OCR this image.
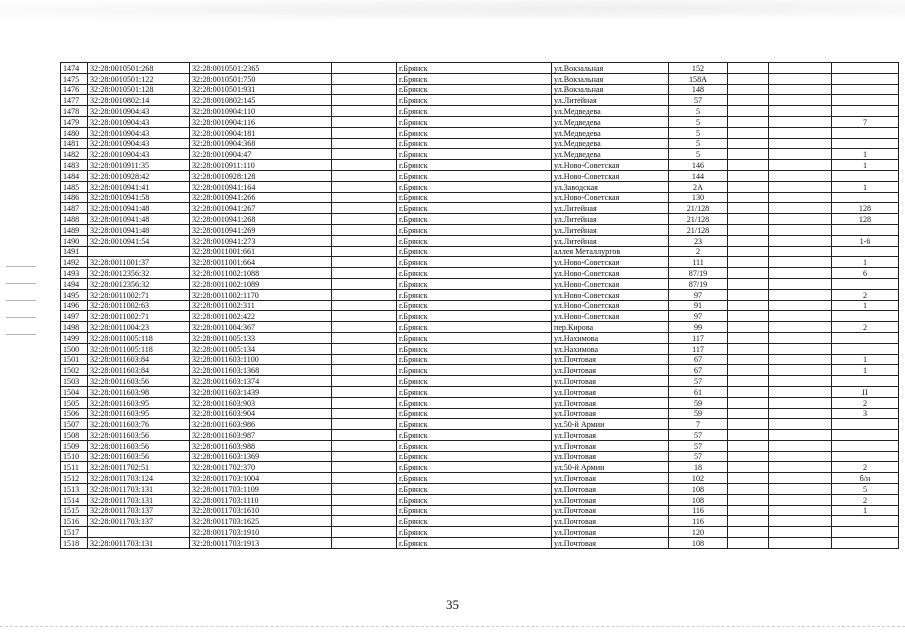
1474	32:28:0010501:268	32:28:0010501:2365		г.Брянск	ул.Вокзальная	152			
1475	32:28:0010501:122	32:28:0010501:750		г.Брянск	ул.Вокзальная	158А			
1476	32:28:0010501:128	32:28:0010501:931		г.Брянск	ул.Вокзальная	148			
1477	32:28:0010802:14	32:28:0010802:145		г.Брянск	ул.Литейная	57			
1478	32:28:0010904:43	32:28:0010904:110		г.Брянск	ул.Медведева	5			
1479	32:28:0010904:43	32:28:0010904:116		г.Брянск	ул.Медведева	5			7
1480	32:28:0010904:43	32:28:0010904:181		г.Брянск	ул.Медведева	5			
1481	32:28:0010904:43	32:28:0010904:368		г.Брянск	ул.Медведева	5			
1482	32:28:0010904:43	32:28:0010904:47		г.Брянск	ул.Медведева	5			1
1483	32:28:0010911:35	32:28:0010911:110		г.Брянск	ул.Ново-Советская	146			1
1484	32:28:0010928:42	32:28:0010928:128		г.Брянск	ул.Ново-Советская	144			
1485	32:28:0010941:41	32:28:0010941:164		г.Брянск	ул.Заводская	2А			1
1486	32:28:0010941:58	32:28:0010941:266		г.Брянск	ул.Ново-Советская	130			
1487	32:28:0010941:48	32:28:0010941:267		г.Брянск	ул.Литейная	21/128			128
1488	32:28:0010941:48	32:28:0010941:268		г.Брянск	ул.Литейная	21/128			128
1489	32:28:0010941:48	32:28:0010941:269		г.Брянск	ул.Литейная	21/128			
1490	32:28:0010941:54	32:28:0010941:273		г.Брянск	ул.Литейная	23			1-6
1491		32:28:0011001:661		г.Брянск	аллея Металлургов	2			
1492	32:28:0011001:37	32:28:0011001:664		г.Брянск	ул.Ново-Советская	111			1
1493	32:28:0012356:32	32:28:0011002:1088		г.Брянск	ул.Ново-Советская	87/19			6
1494	32:28:0012356:32	32:28:0011002:1089		г.Брянск	ул.Ново-Советская	87/19			
1495	32:28:0011002:71	32:28:0011002:1170		г.Брянск	ул.Ново-Советская	97			2
1496	32:28:0011002:63	32:28:0011002:311		г.Брянск	ул.Ново-Советская	91			1
1497	32:28:0011002:71	32:28:0011002:422		г.Брянск	ул.Ново-Советская	97			
1498	32:28:0011004:23	32:28:0011004:367		г.Брянск	пер.Кирова	99			2
1499	32:28:0011005:118	32:28:0011005:133		г.Брянск	ул.Нахимова	117			
1500	32:28:0011005:118	32:28:0011005:134		г.Брянск	ул.Нахимова	117			
1501	32:28:0011603:84	32:28:0011603:1100		г.Брянск	ул.Почтовая	67			1
1502	32:28:0011603:84	32:28:0011603:1368		г.Брянск	ул.Почтовая	67			1
1503	32:28:0011603:56	32:28:0011603:1374		г.Брянск	ул.Почтовая	57			
1504	32:28:0011603:98	32:28:0011603:1439		г.Брянск	ул.Почтовая	61			II
1505	32:28:0011603:95	32:28:0011603:903		г.Брянск	ул.Почтовая	59			2
1506	32:28:0011603:95	32:28:0011603:904		г.Брянск	ул.Почтовая	59			3
1507	32:28:0011603:76	32:28:0011603:986		г.Брянск	ул.50-й Армии	7			
1508	32:28:0011603:56	32:28:0011603:987		г.Брянск	ул.Почтовая	57			
1509	32:28:0011603:56	32:28:0011603:988		г.Брянск	ул.Почтовая	57			
1510	32:28:0011603:56	32:28:0011603:1369		г.Брянск	ул.Почтовая	57			
1511	32:28:0011702:51	32:28:0011702:370		г.Брянск	ул.50-й Армии	18			2
1512	32:28:0011703:124	32:28:0011703:1004		г.Брянск	ул.Почтовая	102			б/н
1513	32:28:0011703:131	32:28:0011703:1109		г.Брянск	ул.Почтовая	108			5
1514	32:28:0011703:131	32:28:0011703:1110		г.Брянск	ул.Почтовая	108			2
1515	32:28:0011703:137	32:28:0011703:1610		г.Брянск	ул.Почтовая	116			1
1516	32:28:0011703:137	32:28:0011703:1625		г.Брянск	ул.Почтовая	116			
1517		32:28:0011703:1910		г.Брянск	ул.Почтовая	120			
1518	32:28:0011703:131	32:28:0011703:1913		г.Брянск	ул.Почтовая	108			
35
